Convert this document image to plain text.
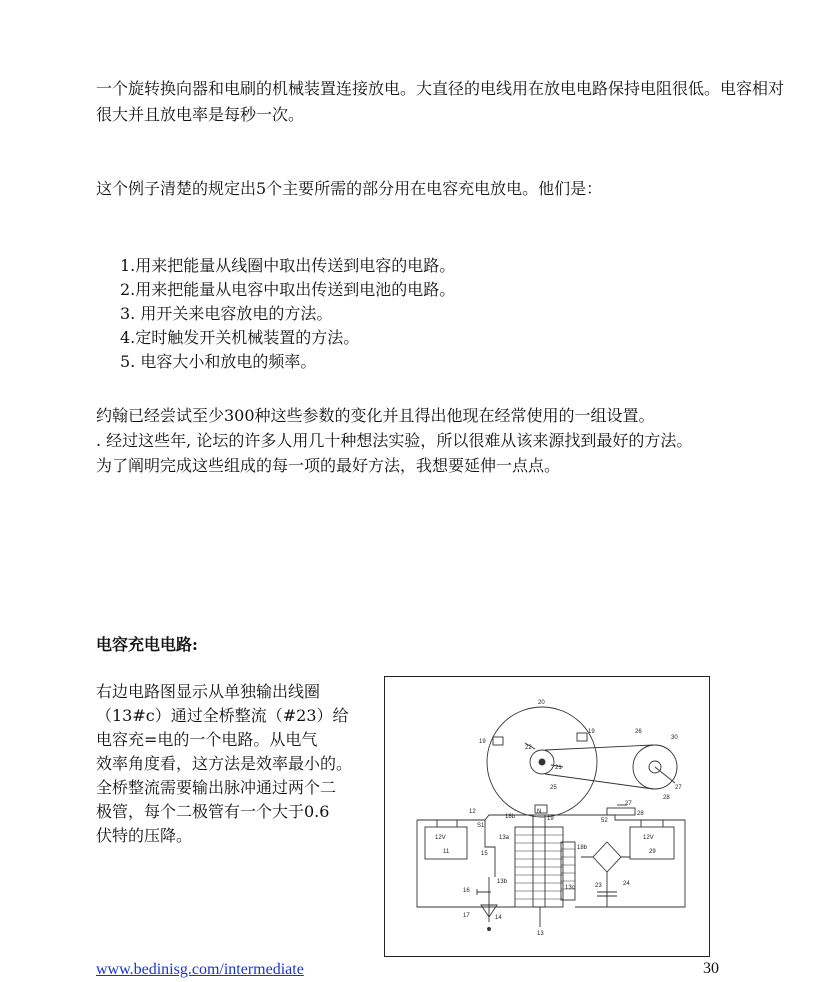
一个旋转换向器和电刷的机械装置连接放电。大直径的电线用在放电电路保持电阻很低。电容相对很大并且放电率是每秒一次。
这个例子清楚的规定出5个主要所需的部分用在电容充电放电。他们是：
1.用来把能量从线圈中取出传送到电容的电路。
2.用来把能量从电容中取出传送到电池的电路。
3. 用开关来电容放电的方法。
4.定时触发开关机械装置的方法。
5. 电容大小和放电的频率。
约翰已经尝试至少300种这些参数的变化并且得出他现在经常使用的一组设置。
. 经过这些年, 论坛的许多人用几十种想法实验，所以很难从该来源找到最好的方法。
为了阐明完成这些组成的每一项的最好方法，我想要延伸一点点。
电容充电电路:
右边电路图显示从单独输出线圈
（13#c）通过全桥整流（#23）给
电容充=电的一个电路。从电气
效率角度看，这方法是效率最小的。
全桥整流需要输出脉冲通过两个二
极管，每个二极管有一个大于0.6
伏特的压降。
20
19
19
22
21
25
26
30
27
28
27
28
52
12
S1
18b	19
N
13a
15
13b
16
17	14
18b
13c	23	24
13
12V
11
12V
29
www.bedinisg.com/intermediate	30
